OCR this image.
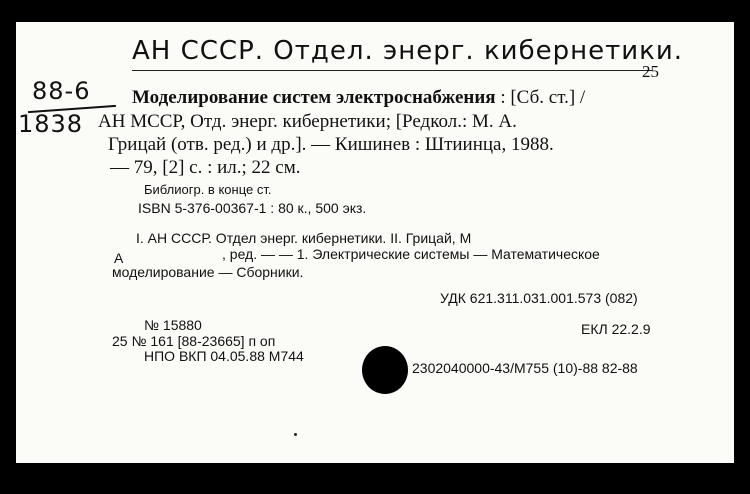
АН СССР. Отдел. энерг. кибернетики.
88-6
1838
25
Моделирование систем электроснабжения : [Сб. ст.] /
АН МССР, Отд. энерг. кибернетики; [Редкол.: М. А.
Грицай (отв. ред.) и др.]. — Кишинев : Штиинца, 1988.
— 79, [2] с. : ил.; 22 см.
Библиогр. в конце ст.
ISBN 5-376-00367-1 : 80 к., 500 экз.
I. АН СССР. Отдел энерг. кибернетики. II. Грицай, М
А	, ред. — — 1. Электрические системы — Математическое
моделирование — Сборники.
УДК 621.311.031.001.573 (082)
ЕКЛ 22.2.9
№ 15880
25 № 161 [88-23665] п оп
НПО ВКП 04.05.88 М744
2302040000-43/М755 (10)-88 82-88
